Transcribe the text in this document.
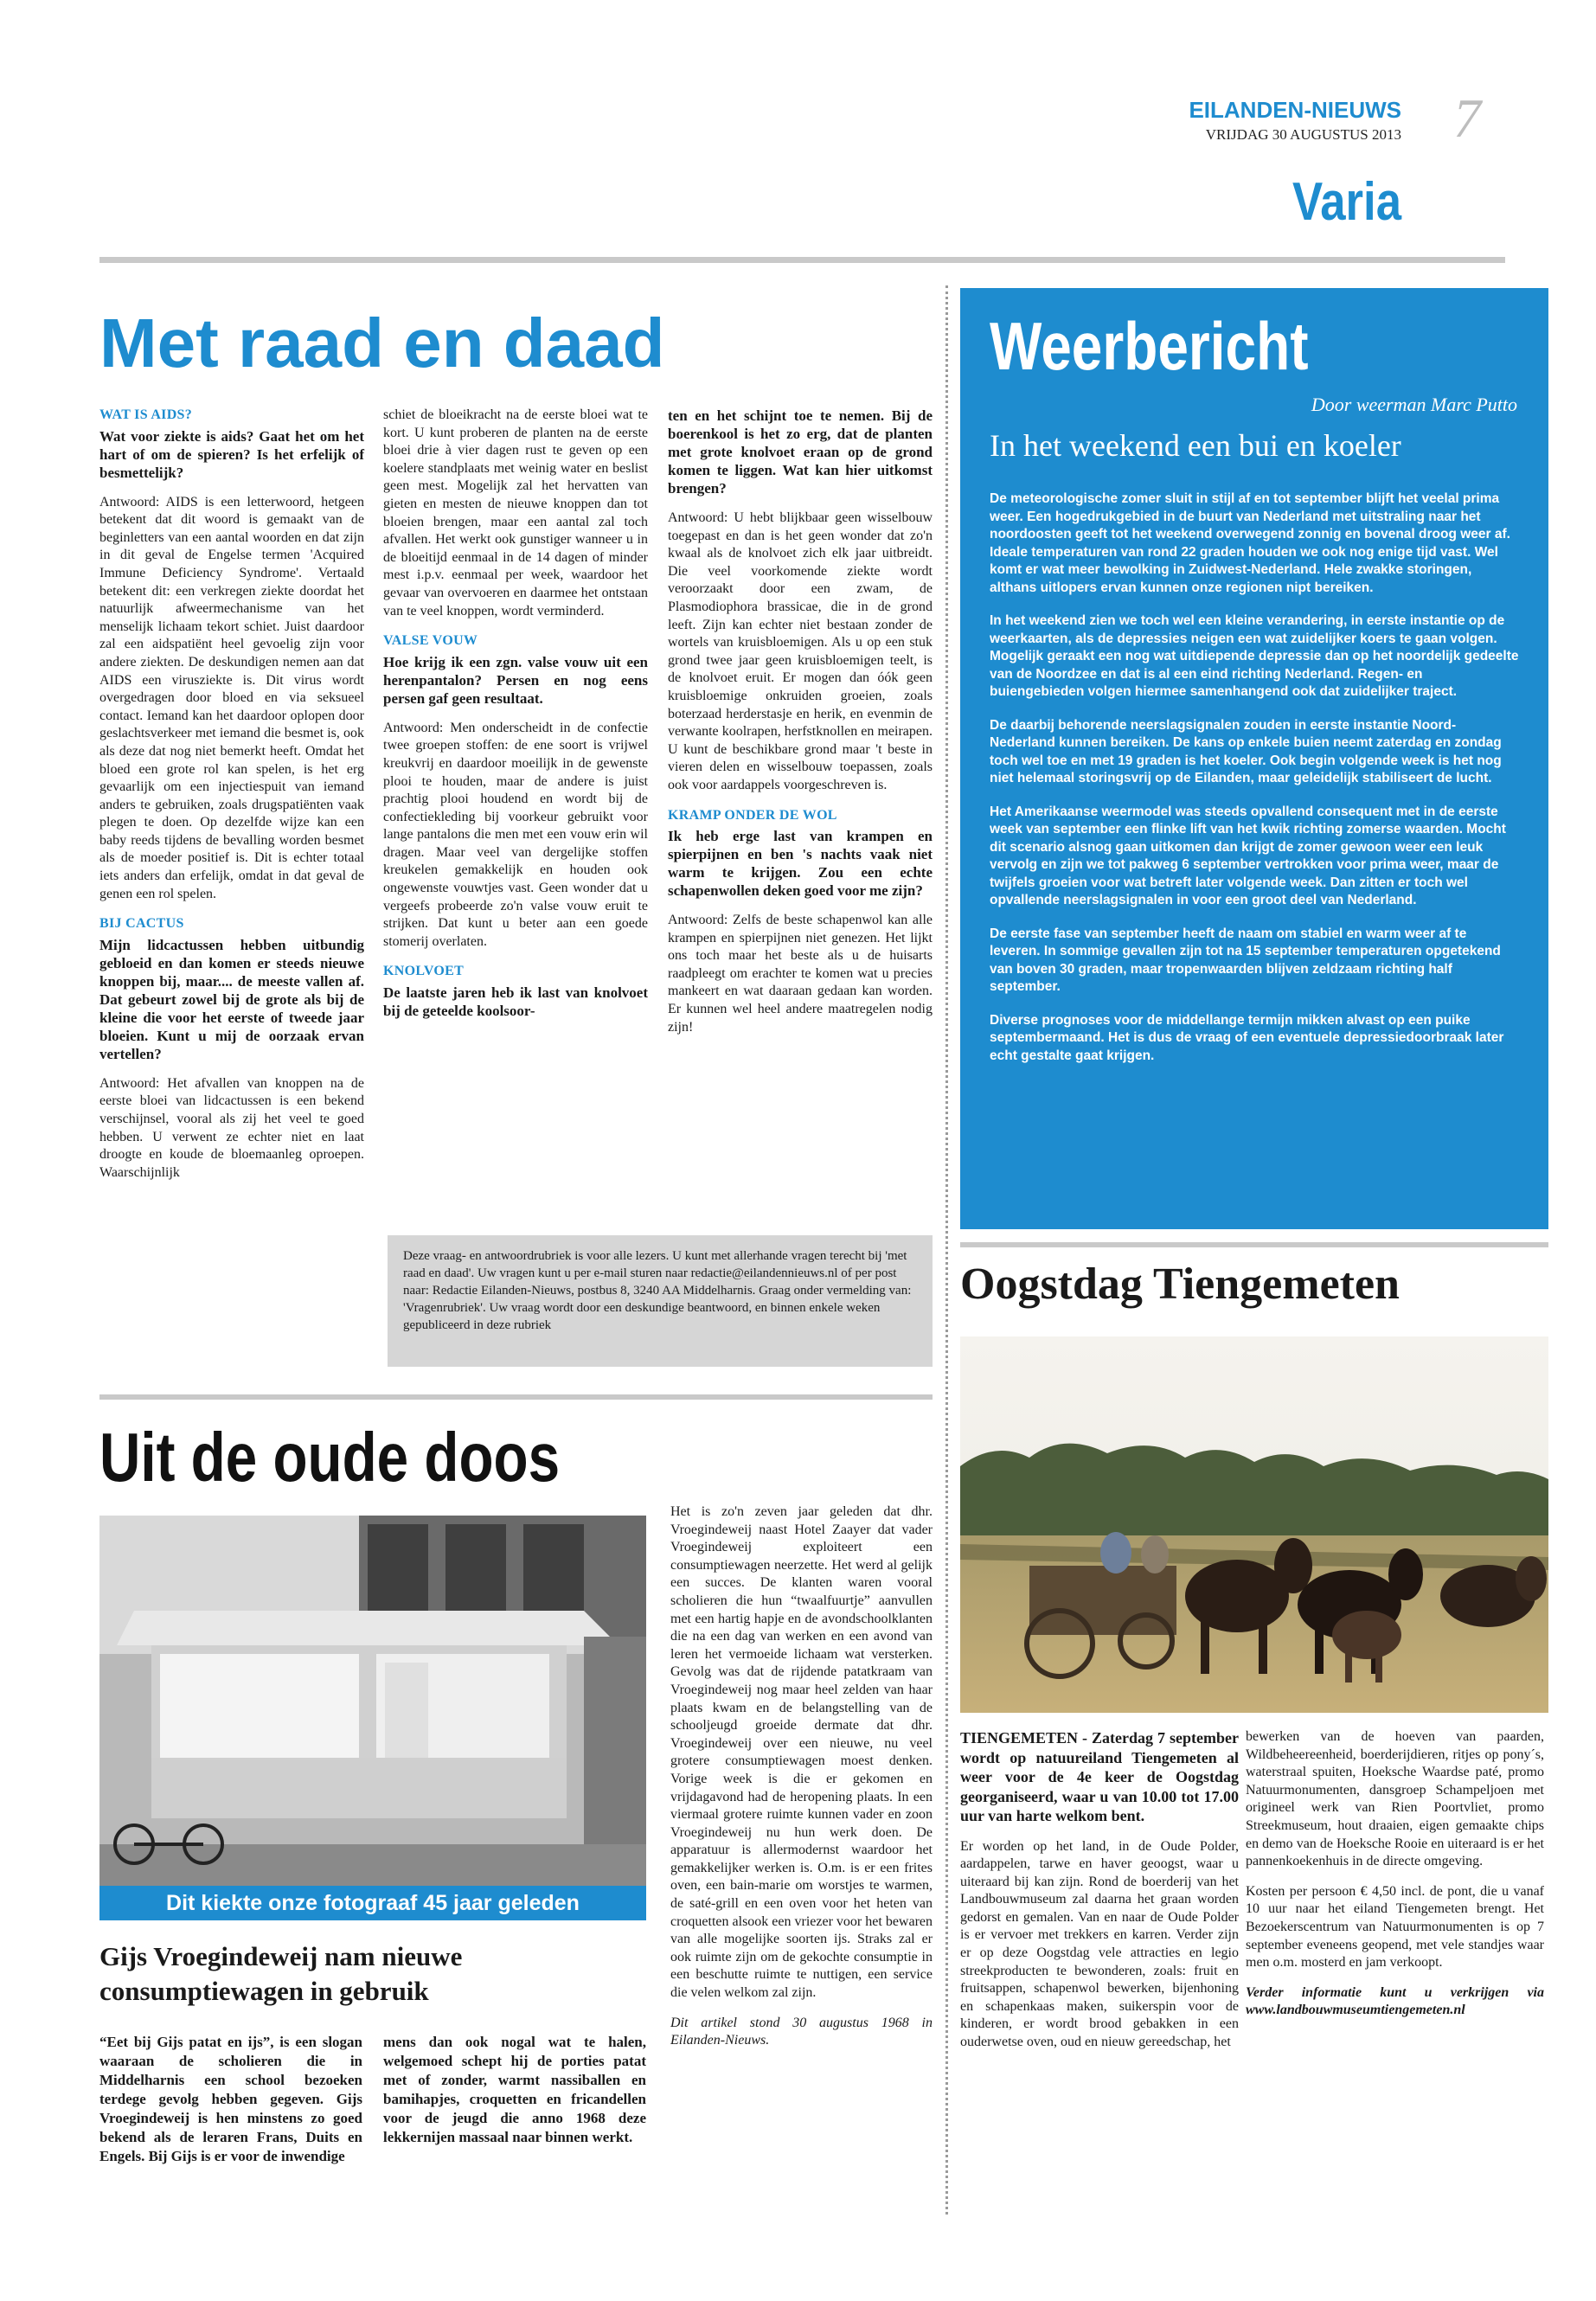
EILANDEN-NIEUWS
VRIJDAG 30 AUGUSTUS 2013 7
Varia
Met raad en daad
WAT IS AIDS?
Wat voor ziekte is aids? Gaat het om het hart of om de spieren? Is het erfelijk of besmettelijk?

Antwoord: AIDS is een letterwoord, hetgeen betekent dat dit woord is gemaakt van de beginletters van een aantal woorden en dat zijn in dit geval de Engelse termen 'Acquired Immune Deficiency Syndrome'. Vertaald betekent dit: een verkregen ziekte doordat het natuurlijk afweermechanisme van het menselijk lichaam tekort schiet. Juist daardoor zal een aidspatiënt heel gevoelig zijn voor andere ziekten. De deskundigen nemen aan dat AIDS een virusziekte is. Dit virus wordt overgedragen door bloed en via seksueel contact. Iemand kan het daardoor oplopen door geslachtsverkeer met iemand die besmet is, ook als deze dat nog niet bemerkt heeft. Omdat het bloed een grote rol kan spelen, is het erg gevaarlijk om een injectiespuit van iemand anders te gebruiken, zoals drugspatiënten vaak plegen te doen. Op dezelfde wijze kan een baby reeds tijdens de bevalling worden besmet als de moeder positief is. Dit is echter totaal iets anders dan erfelijk, omdat in dat geval de genen een rol spelen.

BIJ CACTUS
Mijn lidcactussen hebben uitbundig gebloeid en dan komen er steeds nieuwe knoppen bij, maar.... de meeste vallen af. Dat gebeurt zowel bij de grote als bij de kleine die voor het eerste of tweede jaar bloeien. Kunt u mij de oorzaak ervan vertellen?

Antwoord: Het afvallen van knoppen na de eerste bloei van lidcactussen is een bekend verschijnsel, vooral als zij het veel te goed hebben. U verwent ze echter niet en laat droogte en koude de bloemaanleg oproepen. Waarschijnlijk

schiet de bloeikracht na de eerste bloei wat te kort. U kunt proberen de planten na de eerste bloei drie à vier dagen rust te geven op een koelere standplaats met weinig water en beslist geen mest. Mogelijk zal het hervatten van gieten en mesten de nieuwe knoppen dan tot bloeien brengen, maar een aantal zal toch afvallen. Het werkt ook gunstiger wanneer u in de bloeitijd eenmaal in de 14 dagen of minder mest i.p.v. eenmaal per week, waardoor het gevaar van overvoeren en daarmee het ontstaan van te veel knoppen, wordt verminderd.

VALSE VOUW
Hoe krijg ik een zgn. valse vouw uit een herenpantalon? Persen en nog eens persen gaf geen resultaat.

Antwoord: Men onderscheidt in de confectie twee groepen stoffen: de ene soort is vrijwel kreukvrij en daardoor moeilijk in de gewenste plooi te houden, maar de andere is juist prachtig plooi houdend en wordt bij de confectiekleding bij voorkeur gebruikt voor lange pantalons die men met een vouw erin wil dragen. Maar veel van dergelijke stoffen kreukelen gemakkelijk en houden ook ongewenste vouwtjes vast. Geen wonder dat u vergeefs probeerde zo'n valse vouw eruit te strijken. Dat kunt u beter aan een goede stomerij overlaten.

KNOLVOET
De laatste jaren heb ik last van knolvoet bij de geteelde koolsoor-
ten en het schijnt toe te nemen. Bij de boerenkool is het zo erg, dat de planten met grote knolvoet eraan op de grond komen te liggen. Wat kan hier uitkomst brengen?

Antwoord: U hebt blijkbaar geen wisselbouw toegepast en dan is het geen wonder dat zo'n kwaal als de knolvoet zich elk jaar uitbreidt. Die veel voorkomende ziekte wordt veroorzaakt door een zwam, de Plasmodiophora brassicae, die in de grond leeft. Zijn kan echter niet bestaan zonder de wortels van kruisbloemigen. Als u op een stuk grond twee jaar geen kruisbloemigen teelt, is de knolvoet eruit. Er mogen dan óók geen kruisbloemige onkruiden groeien, zoals boterzaad herderstasje en herik, en evenmin de verwante koolrapen, herfstknollen en meirapen. U kunt de beschikbare grond maar 't beste in vieren delen en wisselbouw toepassen, zoals ook voor aardappels voorgeschreven is.

KRAMP ONDER DE WOL
Ik heb erge last van krampen en spierpijnen en ben 's nachts vaak niet warm te krijgen. Zou een echte schapenwollen deken goed voor me zijn?

Antwoord: Zelfs de beste schapenwol kan alle krampen en spierpijnen niet genezen. Het lijkt ons toch maar het beste als u de huisarts raadpleegt om erachter te komen wat u precies mankeert en wat daaraan gedaan kan worden. Er kunnen wel heel andere maatregelen nodig zijn!

Deze vraag- en antwoordrubriek is voor alle lezers. U kunt met allerhande vragen terecht bij 'met raad en daad'. Uw vragen kunt u per e-mail sturen naar redactie@eilandennieuws.nl of per post naar: Redactie Eilanden-Nieuws, postbus 8, 3240 AA Middelharnis. Graag onder vermelding van: 'Vragenrubriek'. Uw vraag wordt door een deskundige beantwoord, en binnen enkele weken gepubliceerd in deze rubriek
Weerbericht
Door weerman Marc Putto
In het weekend een bui en koeler

De meteorologische zomer sluit in stijl af en tot september blijft het veelal prima weer. Een hogedrukgebied in de buurt van Nederland met uitstraling naar het noordoosten geeft tot het weekend overwegend zonnig en bovenal droog weer af. Ideale temperaturen van rond 22 graden houden we ook nog enige tijd vast. Wel komt er wat meer bewolking in Zuidwest-Nederland. Hele zwakke storingen, althans uitlopers ervan kunnen onze regionen nipt bereiken.

In het weekend zien we toch wel een kleine verandering, in eerste instantie op de weerkaarten, als de depressies neigen een wat zuidelijker koers te gaan volgen. Mogelijk geraakt een nog wat uitdiepende depressie dan op het noordelijk gedeelte van de Noordzee en dat is al een eind richting Nederland. Regen- en buiengebieden volgen hiermee samenhangend ook dat zuidelijker traject.

De daarbij behorende neerslagsignalen zouden in eerste instantie Noord-Nederland kunnen bereiken. De kans op enkele buien neemt zaterdag en zondag toch wel toe en met 19 graden is het koeler. Ook begin volgende week is het nog niet helemaal storingsvrij op de Eilanden, maar geleidelijk stabiliseert de lucht.

Het Amerikaanse weermodel was steeds opvallend consequent met in de eerste week van september een flinke lift van het kwik richting zomerse waarden. Mocht dit scenario alsnog gaan uitkomen dan krijgt de zomer gewoon weer een leuk vervolg en zijn we tot pakweg 6 september vertrokken voor prima weer, maar de twijfels groeien voor wat betreft later volgende week. Dan zitten er toch wel opvallende neerslagsignalen in voor een groot deel van Nederland.

De eerste fase van september heeft de naam om stabiel en warm weer af te leveren. In sommige gevallen zijn tot na 15 september temperaturen opgetekend van boven 30 graden, maar tropenwaarden blijven zeldzaam richting half september.

Diverse prognoses voor de middellange termijn mikken alvast op een puike septembermaand. Het is dus de vraag of een eventuele depressiedoorbraak later echt gestalte gaat krijgen.

Oogstdag Tiengemeten
TIENGEMETEN - Zaterdag 7 september wordt op natuureiland Tiengemeten al weer voor de 4e keer de Oogstdag georganiseerd, waar u van 10.00 tot 17.00 uur van harte welkom bent.

Er worden op het land, in de Oude Polder, aardappelen, tarwe en haver geoogst, waar u uiteraard bij kan zijn. Rond de boerderij van het Landbouwmuseum zal daarna het graan worden gedorst en gemalen. Van en naar de Oude Polder is er vervoer met trekkers en karren. Verder zijn er op deze Oogstdag vele attracties en legio streekproducten te bewonderen, zoals: fruit en fruitsappen, schapenwol bewerken, bijenhoning en schapenkaas maken, suikerspin voor de kinderen, er wordt brood gebakken in een ouderwetse oven, oud en nieuw gereedschap, het

bewerken van de hoeven van paarden, Wildbeheereenheid, boerderijdieren, ritjes op pony´s, waterstraal spuiten, Hoeksche Waardse paté, promo Natuurmonumenten, dansgroep Schampeljoen met origineel werk van Rien Poortvliet, promo Streekmuseum, hout draaien, eigen gemaakte chips en demo van de Hoeksche Rooie en uiteraard is er het pannenkoekenhuis in de directe omgeving.

Kosten per persoon € 4,50 incl. de pont, die u vanaf 10 uur naar het eiland Tiengemeten brengt. Het Bezoekerscentrum van Natuurmonumenten is op 7 september eveneens geopend, met vele standjes waar men o.m. mosterd en jam verkoopt.

Verder informatie kunt u verkrijgen via www.landbouwmuseumtiengemeten.nl

Uit de oude doos
Dit kiekte onze fotograaf 45 jaar geleden
Gijs Vroegindeweij nam nieuwe consumptiewagen in gebruik
“Eet bij Gijs patat en ijs”, is een slogan waaraan de scholieren die in Middelharnis een school bezoeken terdege gevolg hebben gegeven. Gijs Vroegindeweij is hen minstens zo goed bekend als de leraren Frans, Duits en Engels. Bij Gijs is er voor de inwendige
mens dan ook nogal wat te halen, welgemoed schept hij de porties patat met of zonder, warmt nassiballen en bamihapjes, croquetten en fricandellen voor de jeugd die anno 1968 deze lekkernijen massaal naar binnen werkt.

Het is zo'n zeven jaar geleden dat dhr. Vroegindeweij naast Hotel Zaayer dat vader Vroegindeweij exploiteert een consumptiewagen neerzette. Het werd al gelijk een succes. De klanten waren vooral scholieren die hun “twaalfuurtje” aanvullen met een hartig hapje en de avondschoolklanten die na een dag van werken en een avond van leren het vermoeide lichaam wat versterken. Gevolg was dat de rijdende patatkraam van Vroegindeweij nog maar heel zelden van haar plaats kwam en de belangstelling van de schooljeugd groeide dermate dat dhr. Vroegindeweij over een nieuwe, nu veel grotere consumptiewagen moest denken. Vorige week is die er gekomen en vrijdagavond had de heropening plaats. In een viermaal grotere ruimte kunnen vader en zoon Vroegindeweij nu hun werk doen. De apparatuur is allermodernst waardoor het gemakkelijker werken is. O.m. is er een frites oven, een bain-marie om worstjes te warmen, de saté-grill en een oven voor het heten van croquetten alsook een vriezer voor het bewaren van alle mogelijke soorten ijs. Straks zal er ook ruimte zijn om de gekochte consumptie in een beschutte ruimte te nuttigen, een service die velen welkom zal zijn.

Dit artikel stond 30 augustus 1968 in Eilanden-Nieuws.
